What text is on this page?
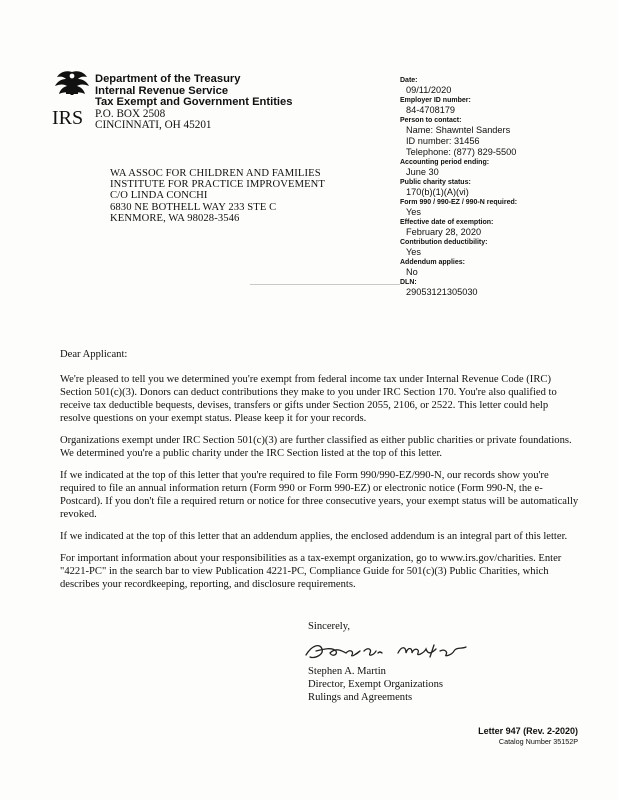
IRS
Department of the Treasury
Internal Revenue Service
Tax Exempt and Government Entities
P.O. BOX 2508
CINCINNATI, OH 45201
WA ASSOC FOR CHILDREN AND FAMILIES
INSTITUTE FOR PRACTICE IMPROVEMENT
C/O LINDA CONCHI
6830 NE BOTHELL WAY 233 STE C
KENMORE, WA 98028-3546
Date:
09/11/2020
Employer ID number:
84-4708179
Person to contact:
Name: Shawntel Sanders
ID number: 31456
Telephone: (877) 829-5500
Accounting period ending:
June 30
Public charity status:
170(b)(1)(A)(vi)
Form 990 / 990-EZ / 990-N required:
Yes
Effective date of exemption:
February 28, 2020
Contribution deductibility:
Yes
Addendum applies:
No
DLN:
29053121305030

Dear Applicant:

We're pleased to tell you we determined you're exempt from federal income tax under Internal Revenue Code (IRC) Section 501(c)(3). Donors can deduct contributions they make to you under IRC Section 170. You're also qualified to receive tax deductible bequests, devises, transfers or gifts under Section 2055, 2106, or 2522. This letter could help resolve questions on your exempt status. Please keep it for your records.

Organizations exempt under IRC Section 501(c)(3) are further classified as either public charities or private foundations. We determined you're a public charity under the IRC Section listed at the top of this letter.

If we indicated at the top of this letter that you're required to file Form 990/990-EZ/990-N, our records show you're required to file an annual information return (Form 990 or Form 990-EZ) or electronic notice (Form 990-N, the e-Postcard). If you don't file a required return or notice for three consecutive years, your exempt status will be automatically revoked.

If we indicated at the top of this letter that an addendum applies, the enclosed addendum is an integral part of this letter.

For important information about your responsibilities as a tax-exempt organization, go to www.irs.gov/charities. Enter "4221-PC" in the search bar to view Publication 4221-PC, Compliance Guide for 501(c)(3) Public Charities, which describes your recordkeeping, reporting, and disclosure requirements.

Sincerely,
Stephen A. Martin
Director, Exempt Organizations
Rulings and Agreements
Letter 947 (Rev. 2-2020)
Catalog Number 35152P
